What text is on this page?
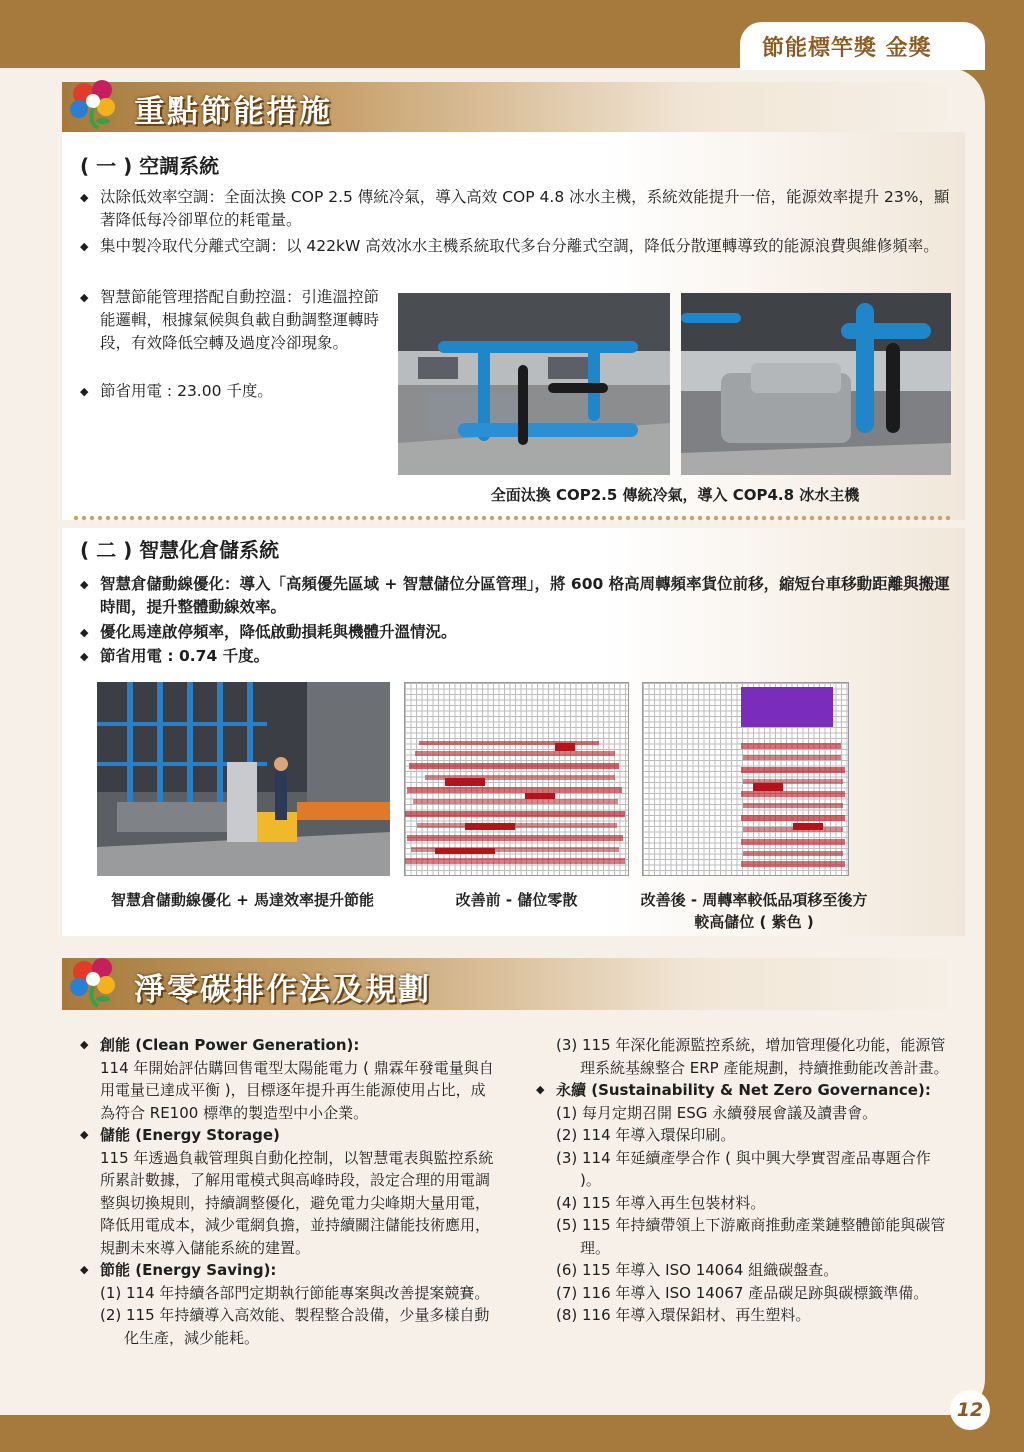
節能標竿獎 金獎
重點節能措施
( 一 ) 空調系統
◆ 汰除低效率空調：全面汰換 COP 2.5 傳統冷氣，導入高效 COP 4.8 冰水主機，系統效能提升一倍，能源效率提升 23%，顯著降低每冷卻單位的耗電量。
◆ 集中製冷取代分離式空調：以 422kW 高效冰水主機系統取代多台分離式空調，降低分散運轉導致的能源浪費與維修頻率。
◆ 智慧節能管理搭配自動控溫：引進溫控節能邏輯，根據氣候與負載自動調整運轉時段，有效降低空轉及過度冷卻現象。
◆ 節省用電 : 23.00 千度。
全面汰換 COP2.5 傳統冷氣，導入 COP4.8 冰水主機
( 二 ) 智慧化倉儲系統
◆ 智慧倉儲動線優化：導入「高頻優先區域 + 智慧儲位分區管理」，將 600 格高周轉頻率貨位前移，縮短台車移動距離與搬運時間，提升整體動線效率。
◆ 優化馬達啟停頻率，降低啟動損耗與機體升溫情況。
◆ 節省用電 : 0.74 千度。
智慧倉儲動線優化 + 馬達效率提升節能	改善前 - 儲位零散	改善後 - 周轉率較低品項移至後方較高儲位 ( 紫色 )
淨零碳排作法及規劃

◆ 創能 (Clean Power Generation):

114 年開始評估購回售電型太陽能電力 ( 鼎霖年發電量與自用電量已達成平衡 )，目標逐年提升再生能源使用占比，成為符合 RE100 標準的製造型中小企業。

◆ 儲能 (Energy Storage)

115 年透過負載管理與自動化控制，以智慧電表與監控系統所累計數據，了解用電模式與高峰時段，設定合理的用電調整與切換規則，持續調整優化，避免電力尖峰期大量用電，降低用電成本，減少電網負擔，並持續關注儲能技術應用，規劃未來導入儲能系統的建置。

◆ 節能 (Energy Saving):

(1) 114 年持續各部門定期執行節能專案與改善提案競賽。

(2) 115 年持續導入高效能、製程整合設備，少量多樣自動化生產，減少能耗。

(3) 115 年深化能源監控系統，增加管理優化功能，能源管理系統基線整合 ERP 產能規劃，持續推動能改善計畫。

◆ 永續 (Sustainability & Net Zero Governance):

(1) 每月定期召開 ESG 永續發展會議及讀書會。

(2) 114 年導入環保印刷。

(3) 114 年延續產學合作 ( 與中興大學實習產品專題合作 )。

(4) 115 年導入再生包裝材料。

(5) 115 年持續帶領上下游廠商推動產業鏈整體節能與碳管理。

(6) 115 年導入 ISO 14064 組織碳盤查。

(7) 116 年導入 ISO 14067 產品碳足跡與碳標籤準備。

(8) 116 年導入環保鋁材、再生塑料。

12
